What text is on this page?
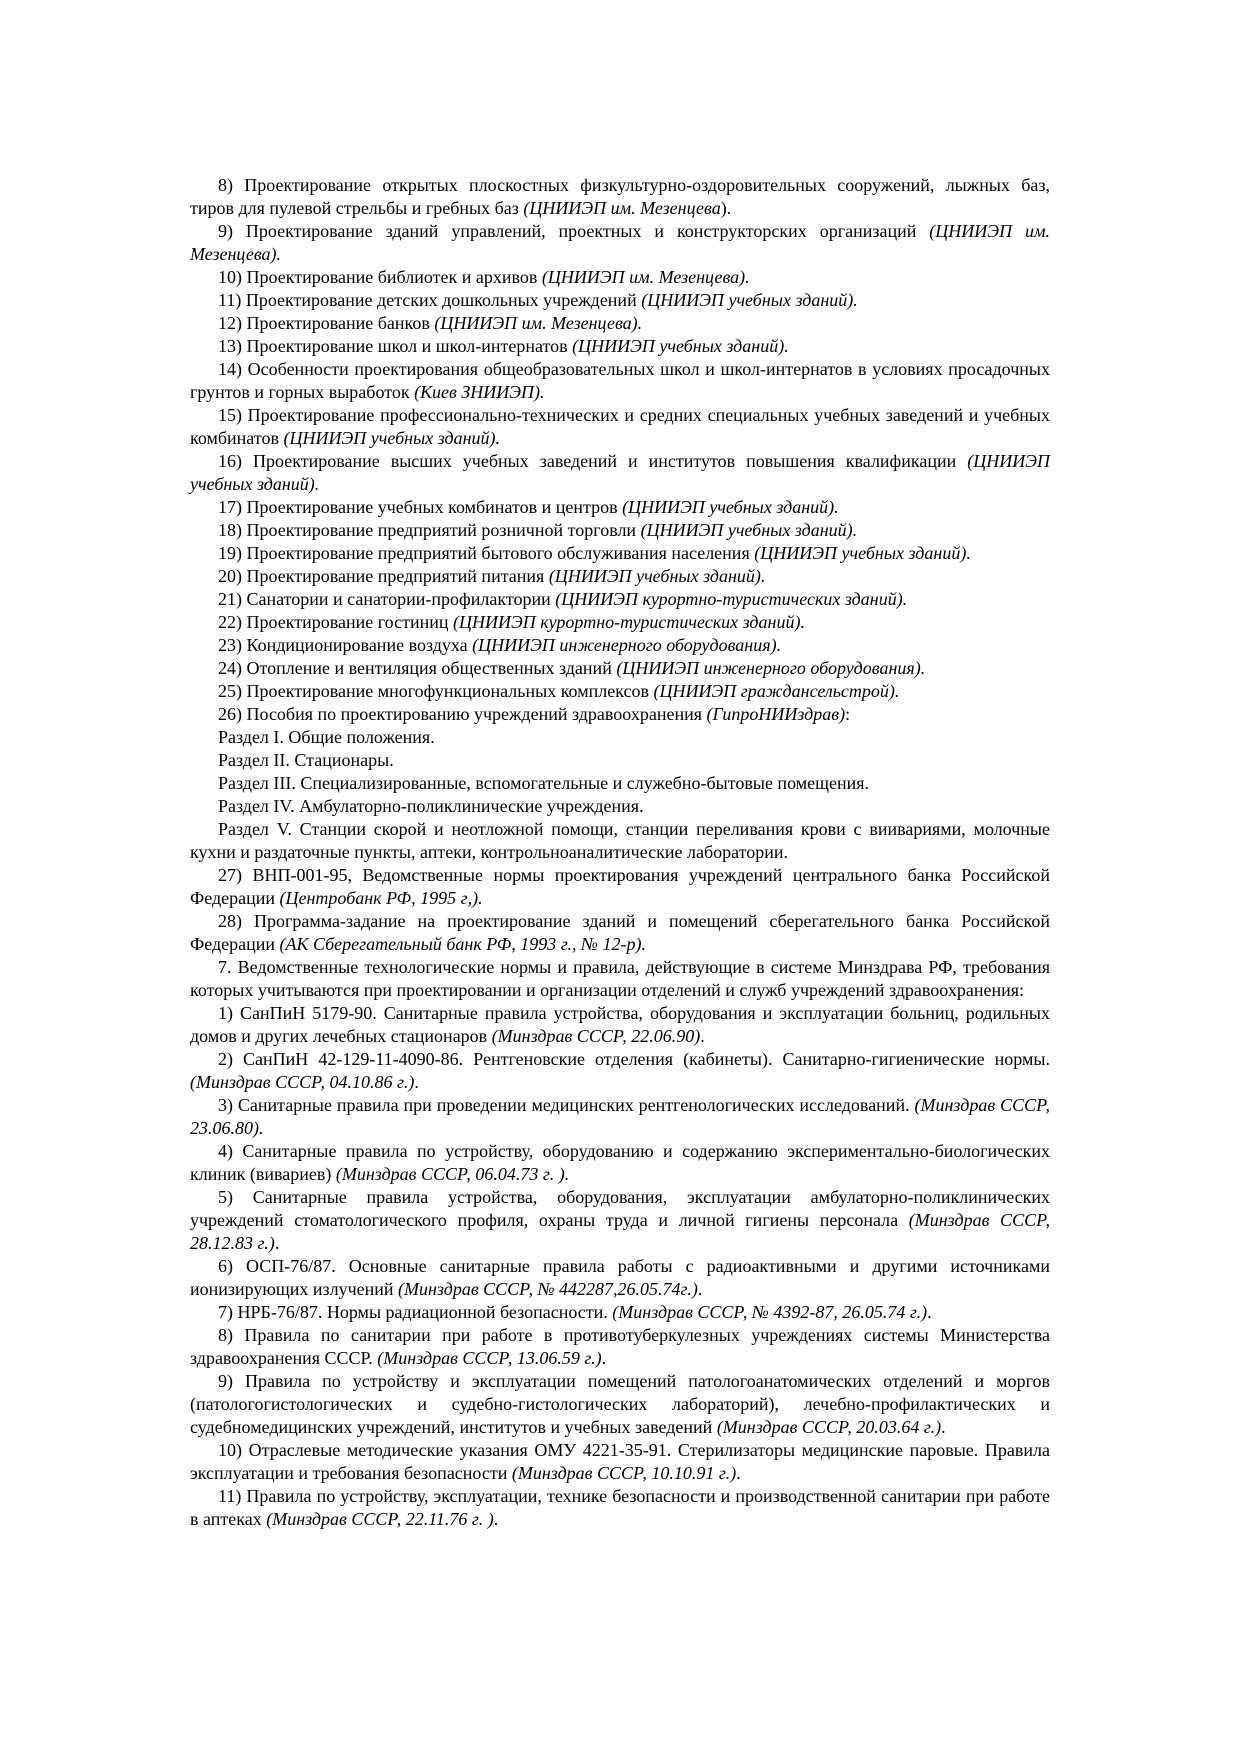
8) Проектирование открытых плоскостных физкультурно-оздоровительных сооружений, лыжных баз, тиров для пулевой стрельбы и гребных баз (ЦНИИЭП им. Мезенцева).

9) Проектирование зданий управлений, проектных и конструкторских организаций (ЦНИИЭП им. Мезенцева).

10) Проектирование библиотек и архивов (ЦНИИЭП им. Мезенцева).

11) Проектирование детских дошкольных учреждений (ЦНИИЭП учебных зданий).

12) Проектирование банков (ЦНИИЭП им. Мезенцева).

13) Проектирование школ и школ-интернатов (ЦНИИЭП учебных зданий).

14) Особенности проектирования общеобразовательных школ и школ-интернатов в условиях просадочных грунтов и горных выработок (Киев ЗНИИЭП).

15) Проектирование профессионально-технических и средних специальных учебных заведений и учебных комбинатов (ЦНИИЭП учебных зданий).

16) Проектирование высших учебных заведений и институтов повышения квалификации (ЦНИИЭП учебных зданий).

17) Проектирование учебных комбинатов и центров (ЦНИИЭП учебных зданий).

18) Проектирование предприятий розничной торговли (ЦНИИЭП учебных зданий).

19) Проектирование предприятий бытового обслуживания населения (ЦНИИЭП учебных зданий).

20) Проектирование предприятий питания (ЦНИИЭП учебных зданий).

21) Санатории и санатории-профилактории (ЦНИИЭП курортно-туристических зданий).

22) Проектирование гостиниц (ЦНИИЭП курортно-туристических зданий).

23) Кондиционирование воздуха (ЦНИИЭП инженерного оборудования).

24) Отопление и вентиляция общественных зданий (ЦНИИЭП инженерного оборудования).

25) Проектирование многофункциональных комплексов (ЦНИИЭП граждансельстрой).

26) Пособия по проектированию учреждений здравоохранения (ГипроНИИздрав):

Раздел I. Общие положения.

Раздел II. Стационары.

Раздел III. Специализированные, вспомогательные и служебно-бытовые помещения.

Раздел IV. Амбулаторно-поликлинические учреждения.

Раздел V. Станции скорой и неотложной помощи, станции переливания крови с виивариями, молочные кухни и раздаточные пункты, аптеки, контрольноаналитические лаборатории.

27) ВНП-001-95, Ведомственные нормы проектирования учреждений центрального банка Российской Федерации (Центробанк РФ, 1995 г,).

28) Программа-задание на проектирование зданий и помещений сберегательного банка Российской Федерации (АК Сберегательный банк РФ, 1993 г., № 12-р).

7. Ведомственные технологические нормы и правила, действующие в системе Минздрава РФ, требования которых учитываются при проектировании и организации отделений и служб учреждений здравоохранения:

1) СанПиН 5179-90. Санитарные правила устройства, оборудования и эксплуатации больниц, родильных домов и других лечебных стационаров (Минздрав СССР, 22.06.90).

2) СанПиН 42-129-11-4090-86. Рентгеновские отделения (кабинеты). Санитарно-гигиенические нормы. (Минздрав СССР, 04.10.86 г.).

3) Санитарные правила при проведении медицинских рентгенологических исследований. (Минздрав СССР, 23.06.80).

4) Санитарные правила по устройству, оборудованию и содержанию экспериментально-биологических клиник (вивариев) (Минздрав СССР, 06.04.73 г. ).

5) Санитарные правила устройства, оборудования, эксплуатации амбулаторно-поликлинических учреждений стоматологического профиля, охраны труда и личной гигиены персонала (Минздрав СССР, 28.12.83 г.).

6) ОСП-76/87. Основные санитарные правила работы с радиоактивными и другими источниками ионизирующих излучений (Минздрав СССР, № 442287,26.05.74г.).

7) НРБ-76/87. Нормы радиационной безопасности. (Минздрав СССР, № 4392-87, 26.05.74 г.).

8) Правила по санитарии при работе в противотуберкулезных учреждениях системы Министерства здравоохранения СССР. (Минздрав СССР, 13.06.59 г.).

9) Правила по устройству и эксплуатации помещений патологоанатомических отделений и моргов (патологогистологических и судебно-гистологических лабораторий), лечебно-профилактических и судебномедицинских учреждений, институтов и учебных заведений (Минздрав СССР, 20.03.64 г.).

10) Отраслевые методические указания ОМУ 4221-35-91. Стерилизаторы медицинские паровые. Правила эксплуатации и требования безопасности (Минздрав СССР, 10.10.91 г.).

11) Правила по устройству, эксплуатации, технике безопасности и производственной санитарии при работе в аптеках (Минздрав СССР, 22.11.76 г. ).
